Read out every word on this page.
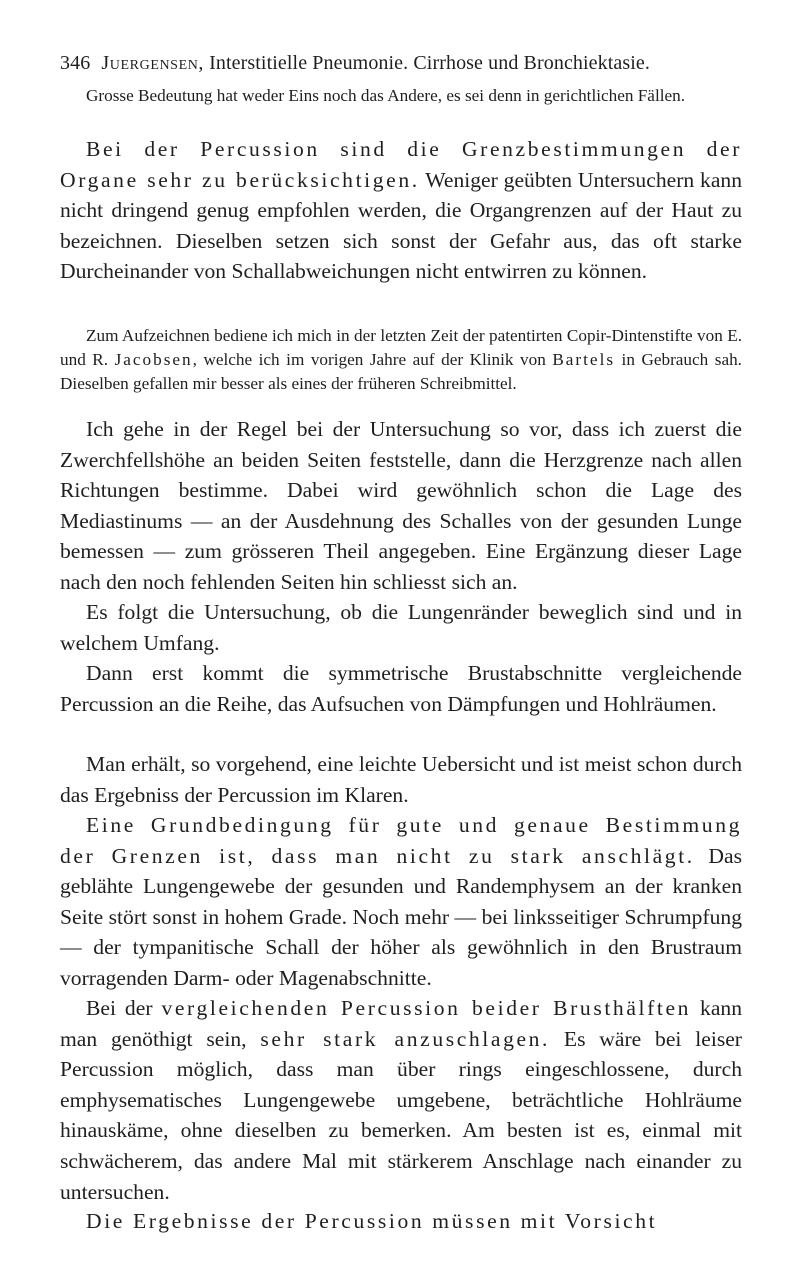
346 Juergensen, Interstitielle Pneumonie. Cirrhose und Bronchiektasie.

Grosse Bedeutung hat weder Eins noch das Andere, es sei denn in gerichtlichen Fällen.

Bei der Percussion sind die Grenzbestimmungen der Organe sehr zu berücksichtigen. Weniger geübten Untersuchern kann nicht dringend genug empfohlen werden, die Organgrenzen auf der Haut zu bezeichnen. Dieselben setzen sich sonst der Gefahr aus, das oft starke Durcheinander von Schallabweichungen nicht entwirren zu können.

Zum Aufzeichnen bediene ich mich in der letzten Zeit der patentirten Copir-Dintenstifte von E. und R. Jacobsen, welche ich im vorigen Jahre auf der Klinik von Bartels in Gebrauch sah. Dieselben gefallen mir besser als eines der früheren Schreibmittel.

Ich gehe in der Regel bei der Untersuchung so vor, dass ich zuerst die Zwerchfellshöhe an beiden Seiten feststelle, dann die Herzgrenze nach allen Richtungen bestimme. Dabei wird gewöhnlich schon die Lage des Mediastinums — an der Ausdehnung des Schalles von der gesunden Lunge bemessen — zum grösseren Theil angegeben. Eine Ergänzung dieser Lage nach den noch fehlenden Seiten hin schliesst sich an.

Es folgt die Untersuchung, ob die Lungenränder beweglich sind und in welchem Umfang.

Dann erst kommt die symmetrische Brustabschnitte vergleichende Percussion an die Reihe, das Aufsuchen von Dämpfungen und Hohlräumen.

Man erhält, so vorgehend, eine leichte Uebersicht und ist meist schon durch das Ergebniss der Percussion im Klaren.

Eine Grundbedingung für gute und genaue Bestimmung der Grenzen ist, dass man nicht zu stark anschlägt. Das geblähte Lungengewebe der gesunden und Randemphysem an der kranken Seite stört sonst in hohem Grade. Noch mehr — bei linksseitiger Schrumpfung — der tympanitische Schall der höher als gewöhnlich in den Brustraum vorragenden Darm- oder Magenabschnitte.

Bei der vergleichenden Percussion beider Brusthälften kann man genöthigt sein, sehr stark anzuschlagen. Es wäre bei leiser Percussion möglich, dass man über rings eingeschlossene, durch emphysematisches Lungengewebe umgebene, beträchtliche Hohlräume hinauskäme, ohne dieselben zu bemerken. Am besten ist es, einmal mit schwächerem, das andere Mal mit stärkerem Anschlage nach einander zu untersuchen.

Die Ergebnisse der Percussion müssen mit Vorsicht
